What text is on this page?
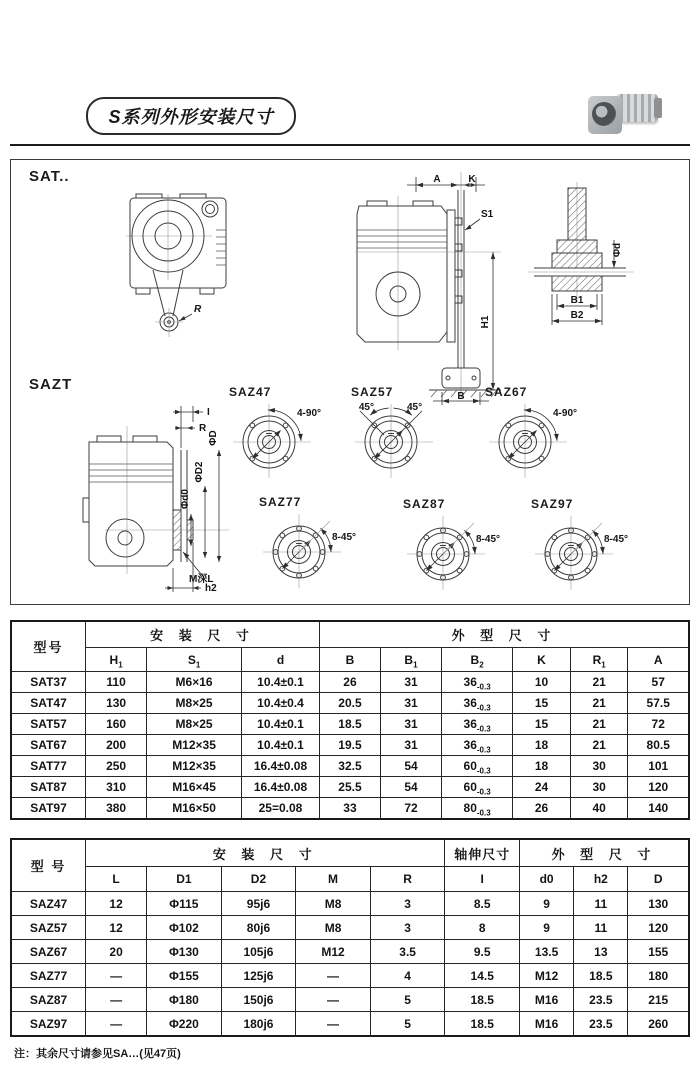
S系列外形安装尺寸
SAT..
SAZT
R
A	K
S1
H1
B
Φd
B1
B2
I
R
Φd0
ΦD2
ΦD
M深L
h2
SAZ47
4-90°
SAZ57
45°	45°
SAZ67
4-90°
SAZ77
8-45°
SAZ87
8-45°
SAZ97
8-45°
型号	安 装 尺 寸			外 型 尺 寸					
	$H_1$	$S_1$	d	B	$B_1$	$B_2$	K	$R_1$	A
SAT37	110	M6×16	10.4±0.1	26	31	$36_{-0.3}$	10	21	57
SAT47	130	M8×25	10.4±0.4	20.5	31	$36_{-0.3}$	15	21	57.5
SAT57	160	M8×25	10.4±0.1	18.5	31	$36_{-0.3}$	15	21	72
SAT67	200	M12×35	10.4±0.1	19.5	31	$36_{-0.3}$	18	21	80.5
SAT77	250	M12×35	16.4±0.08	32.5	54	$60_{-0.3}$	18	30	101
SAT87	310	M16×45	16.4±0.08	25.5	54	$60_{-0.3}$	24	30	120
SAT97	380	M16×50	25=0.08	33	72	$80_{-0.3}$	26	40	140
型 号	安 装 尺 寸					轴伸尺寸	外 型 尺 寸		
	L	D1	D2	M	R	I	d0	h2	D
SAZ47	12	Φ115	95j6	M8	3	8.5	9	11	130
SAZ57	12	Φ102	80j6	M8	3	8	9	11	120
SAZ67	20	Φ130	105j6	M12	3.5	9.5	13.5	13	155
SAZ77	—	Φ155	125j6	—	4	14.5	M12	18.5	180
SAZ87	—	Φ180	150j6	—	5	18.5	M16	23.5	215
SAZ97	—	Φ220	180j6	—	5	18.5	M16	23.5	260
注：其余尺寸请参见SA…(见47页)
